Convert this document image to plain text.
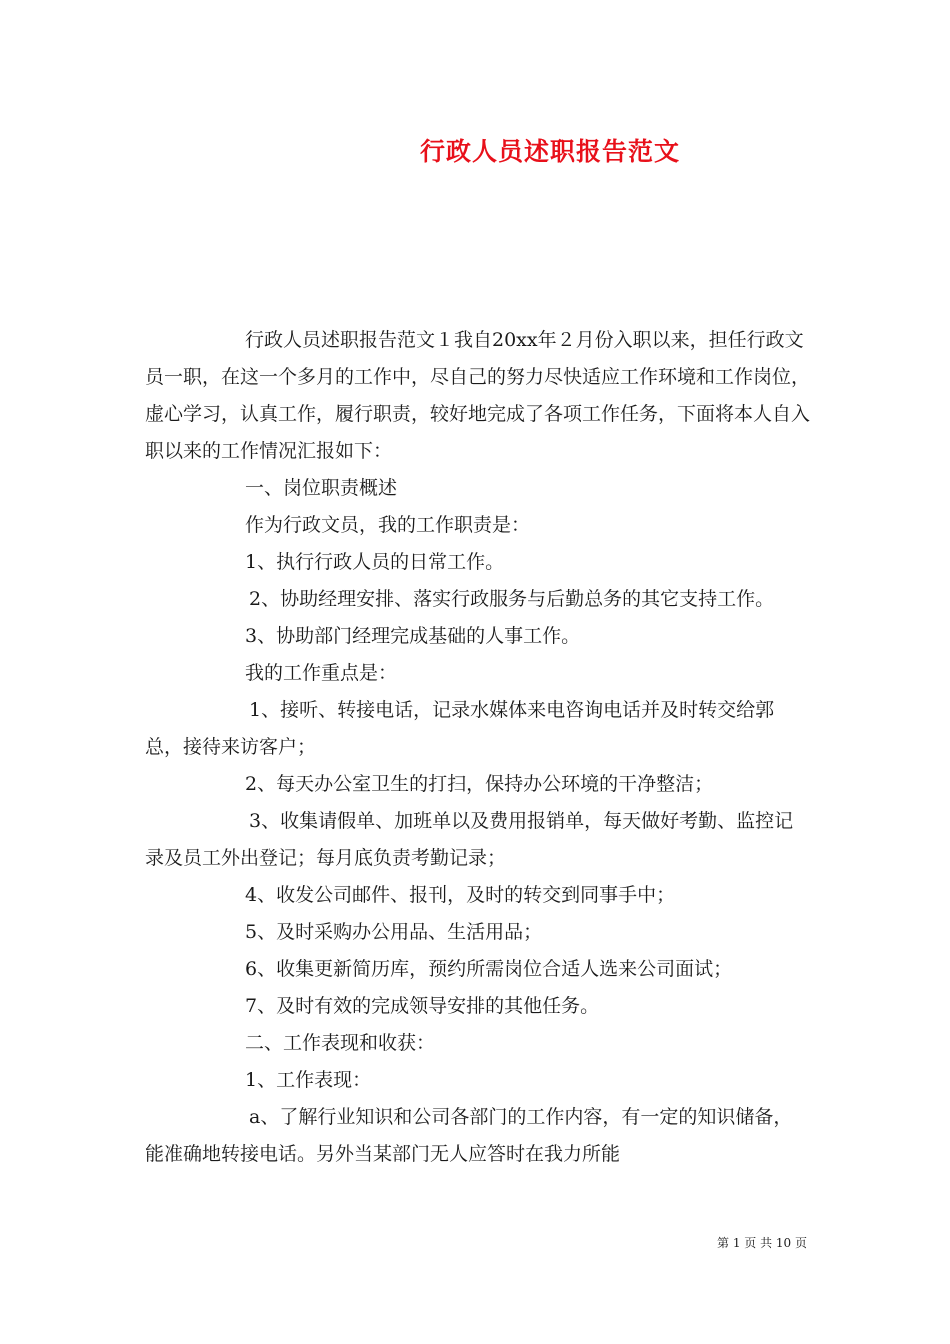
行政人员述职报告范文

行政人员述职报告范文１我自20xx年２月份入职以来，担任行政文员一职，在这一个多月的工作中，尽自己的努力尽快适应工作环境和工作岗位，虚心学习，认真工作，履行职责，较好地完成了各项工作任务，下面将本人自入职以来的工作情况汇报如下：

一、岗位职责概述

作为行政文员，我的工作职责是：

1、执行行政人员的日常工作。

2、协助经理安排、落实行政服务与后勤总务的其它支持工作。

3、协助部门经理完成基础的人事工作。

我的工作重点是：

1、接听、转接电话，记录水媒体来电咨询电话并及时转交给郭总，接待来访客户；

2、每天办公室卫生的打扫，保持办公环境的干净整洁；

3、收集请假单、加班单以及费用报销单，每天做好考勤、监控记录及员工外出登记；每月底负责考勤记录；

4、收发公司邮件、报刊，及时的转交到同事手中；

5、及时采购办公用品、生活用品；

6、收集更新简历库，预约所需岗位合适人选来公司面试；

7、及时有效的完成领导安排的其他任务。

二、工作表现和收获：

1、工作表现：

a、了解行业知识和公司各部门的工作内容，有一定的知识储备，能准确地转接电话。另外当某部门无人应答时在我力所能

第 1 页 共 10 页
